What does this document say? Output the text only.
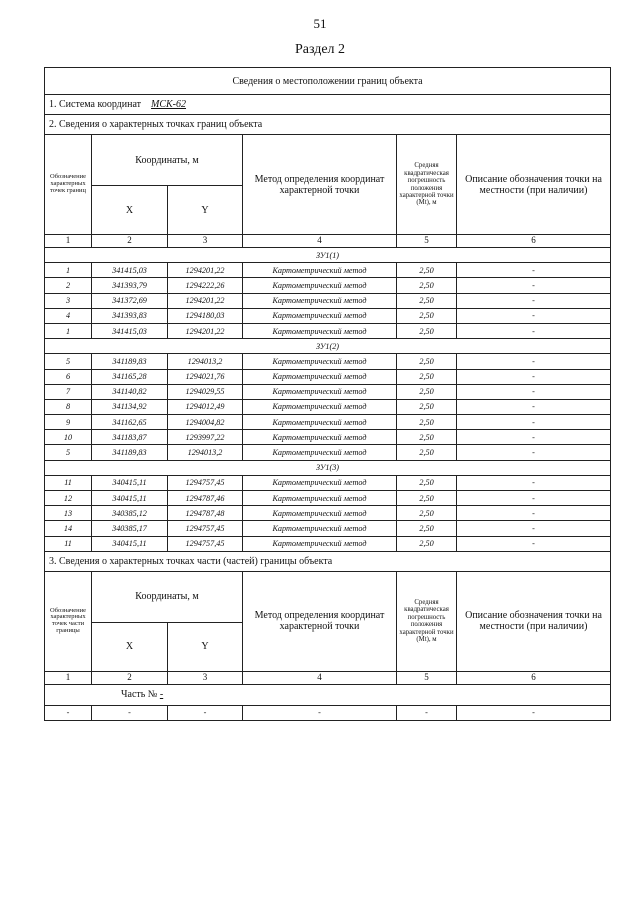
51
Раздел 2
Сведения о местоположении границ объекта					
1. Система координат МСК-62					
2. Сведения о характерных точках границ объекта					
Обозначение характерных точек границ	Координаты, м		Метод определения координат характерной точки	Средняя квадратическая погрешность положения характерной точки (Mt), м	Описание обозначения точки на местности (при наличии)
	X	Y			
1	2	3	4	5	6
ЗУ1(1)					
1	341415,03	1294201,22	Картометрический метод	2,50	-
2	341393,79	1294222,26	Картометрический метод	2,50	-
3	341372,69	1294201,22	Картометрический метод	2,50	-
4	341393,83	1294180,03	Картометрический метод	2,50	-
1	341415,03	1294201,22	Картометрический метод	2,50	-
ЗУ1(2)					
5	341189,83	1294013,2	Картометрический метод	2,50	-
6	341165,28	1294021,76	Картометрический метод	2,50	-
7	341140,82	1294029,55	Картометрический метод	2,50	-
8	341134,92	1294012,49	Картометрический метод	2,50	-
9	341162,65	1294004,82	Картометрический метод	2,50	-
10	341183,87	1293997,22	Картометрический метод	2,50	-
5	341189,83	1294013,2	Картометрический метод	2,50	-
ЗУ1(3)					
11	340415,11	1294757,45	Картометрический метод	2,50	-
12	340415,11	1294787,46	Картометрический метод	2,50	-
13	340385,12	1294787,48	Картометрический метод	2,50	-
14	340385,17	1294757,45	Картометрический метод	2,50	-
11	340415,11	1294757,45	Картометрический метод	2,50	-
3. Сведения о характерных точках части (частей) границы объекта					
Обозначение характерных точек части границы	Координаты, м		Метод определения координат характерной точки	Средняя квадратическая погрешность положения характерной точки (Mt), м	Описание обозначения точки на местности (при наличии)
	X	Y			
1	2	3	4	5	6
Часть № -					
-	-	-	-	-	-
